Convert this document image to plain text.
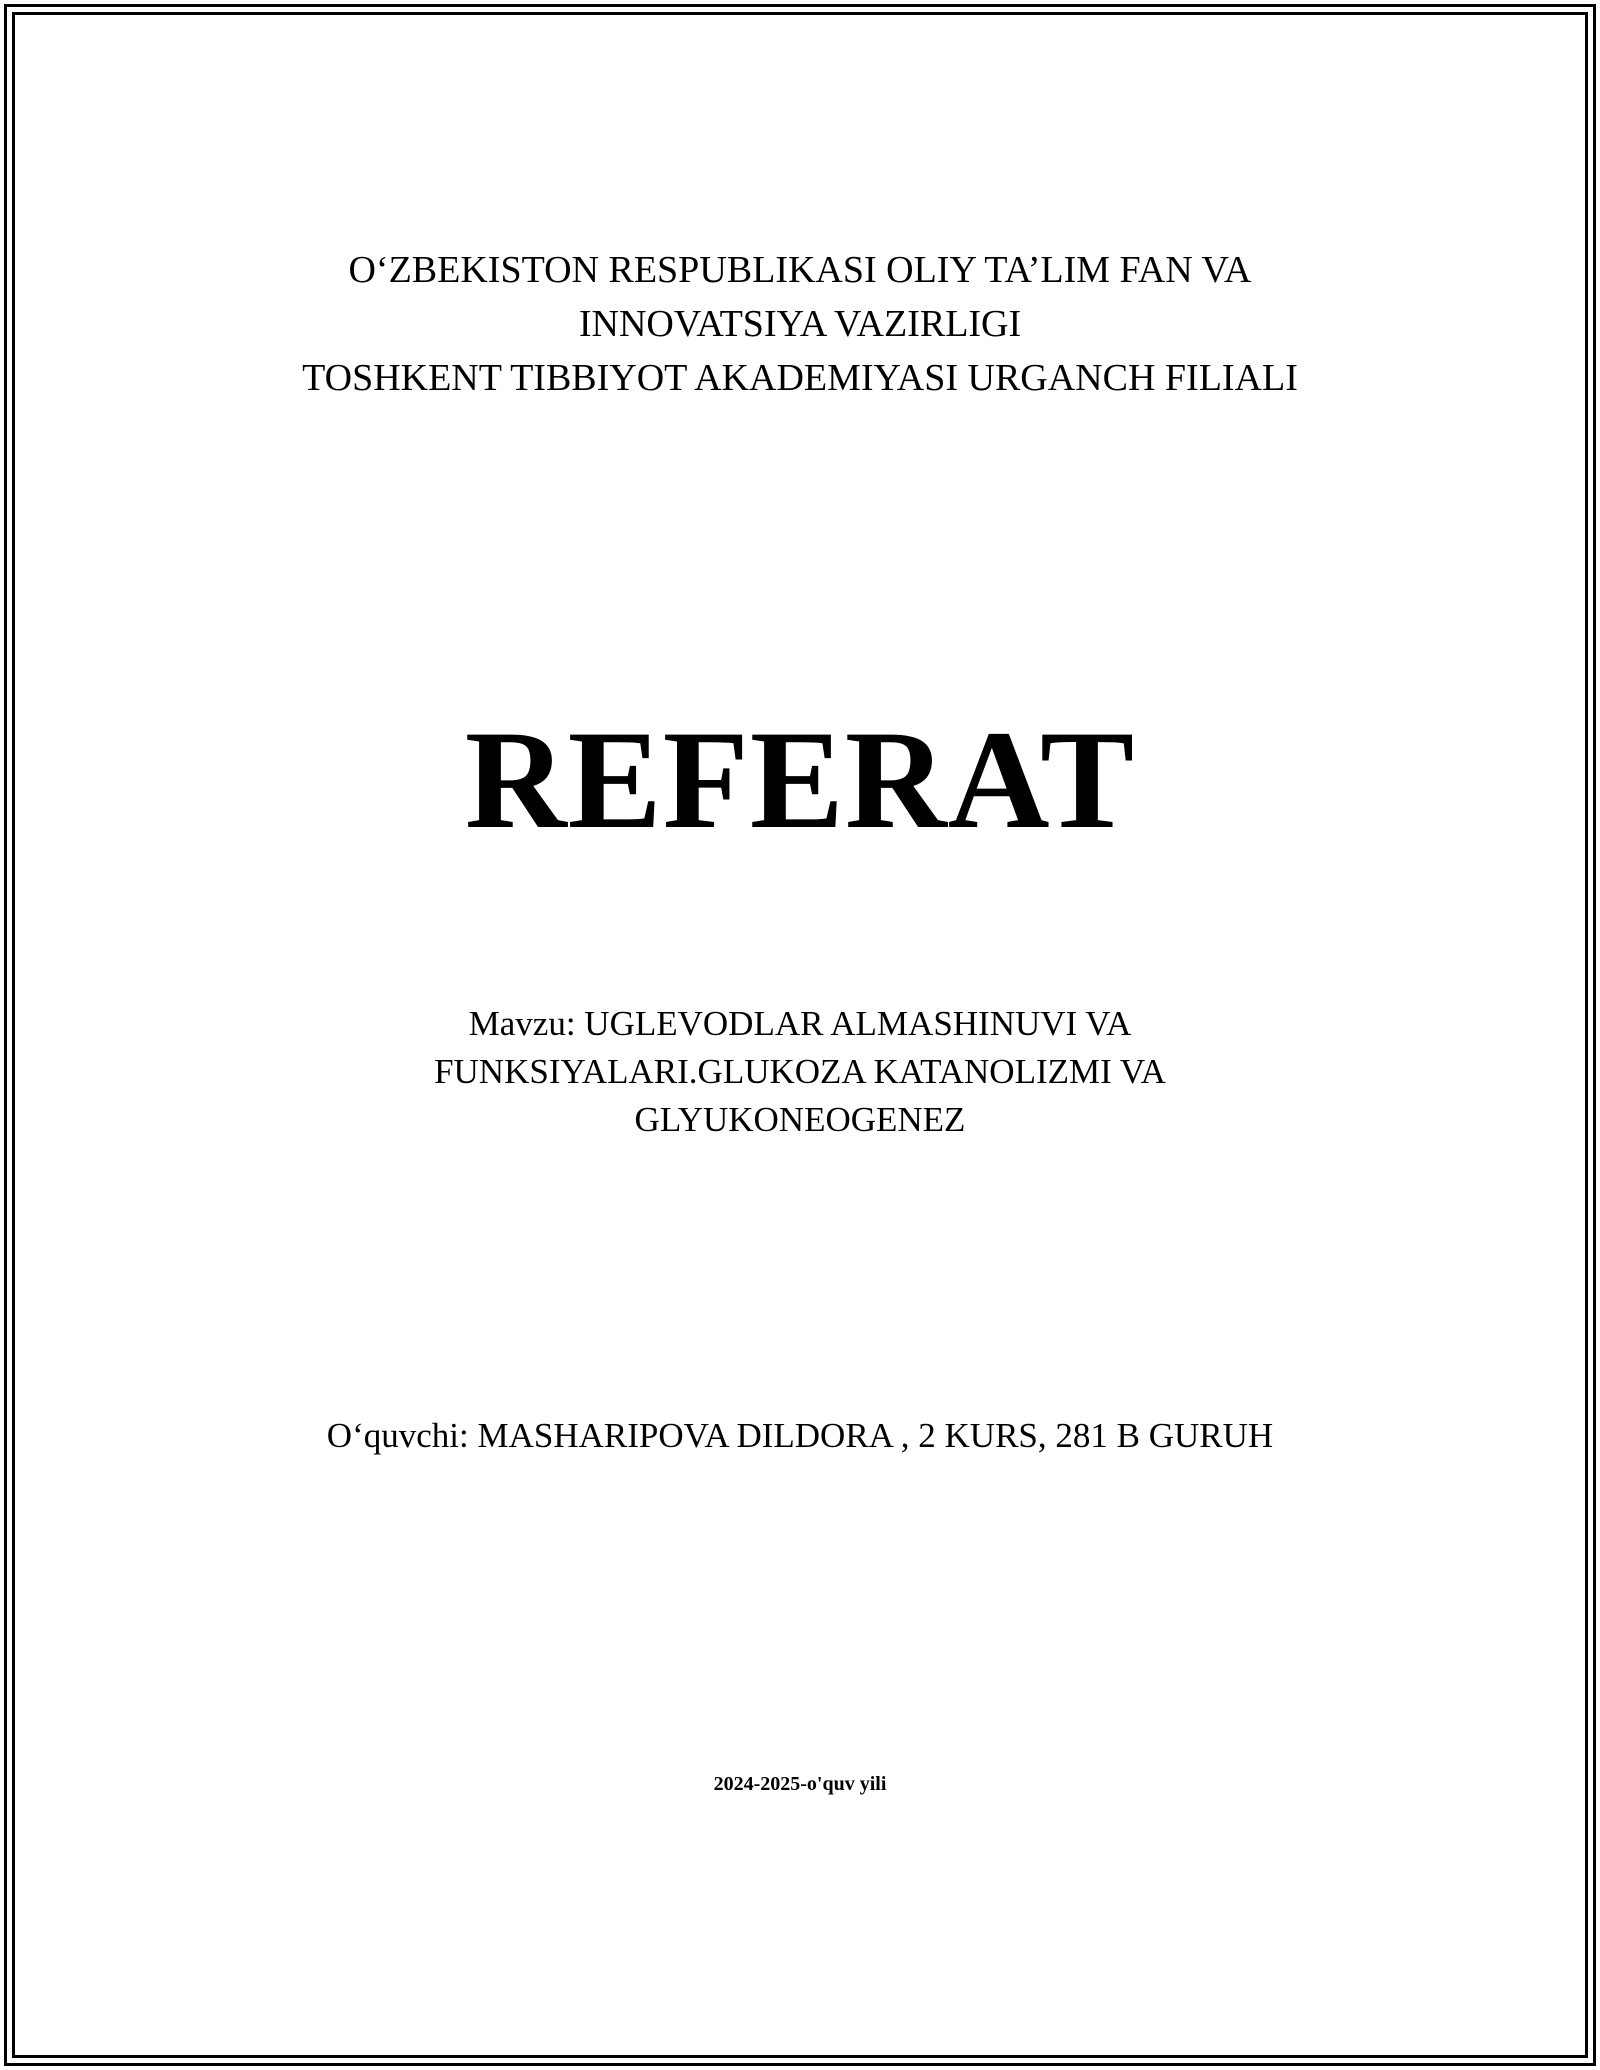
O‘ZBEKISTON RESPUBLIKASI OLIY TA’LIM FAN VA
INNOVATSIYA VAZIRLIGI
TOSHKENT TIBBIYOT AKADEMIYASI URGANCH FILIALI
REFERAT
Mavzu: UGLEVODLAR ALMASHINUVI VA
FUNKSIYALARI.GLUKOZA KATANOLIZMI VA
GLYUKONEOGENEZ
O‘quvchi: MASHARIPOVA DILDORA , 2 KURS, 281 B GURUH
2024-2025-o'quv yili
